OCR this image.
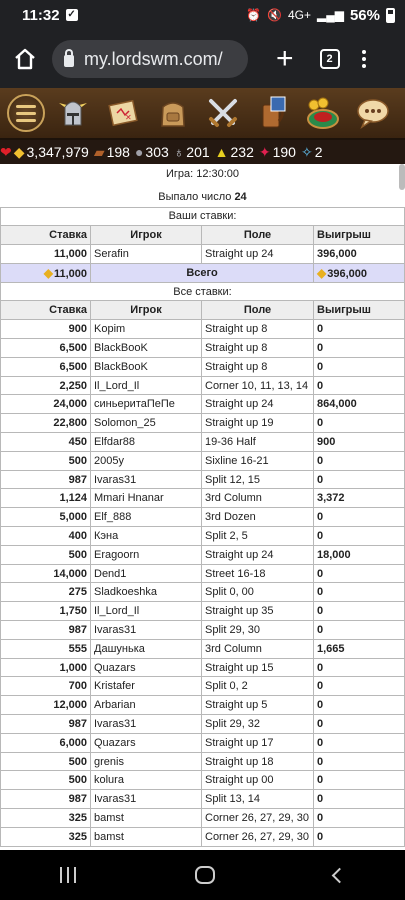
11:32 ✓	⏰ 🔇 4G+ ▂▄▆ 56%
my.lordswm.com/ +	2
✕
❤ ◆ 3,347,979 ▰ 198 ● 303 ♁ 201 ▲ 232 ✦ 190 ✧ 2
Игра: 12:30:00			
Выпало число 24			
Ваши ставки:			
Ставка	Игрок	Поле	Выигрыш
11,000	Serafin	Straight up 24	396,000
◆11,000	Всего		◆396,000
Все ставки:			
Ставка	Игрок	Поле	Выигрыш
900	Kopim	Straight up 8	0
6,500	BlackBooK	Straight up 8	0
6,500	BlackBooK	Straight up 8	0
2,250	Il_Lord_Il	Corner 10, 11, 13, 14	0
24,000	синьеритаПеПе	Straight up 24	864,000
22,800	Solomon_25	Straight up 19	0
450	Elfdar88	19-36 Half	900
500	2005y	Sixline 16-21	0
987	Ivaras31	Split 12, 15	0
1,124	Mmari Hnanar	3rd Column	3,372
5,000	Elf_888	3rd Dozen	0
400	Кэна	Split 2, 5	0
500	Eragoorn	Straight up 24	18,000
14,000	Dend1	Street 16-18	0
275	Sladkoeshka	Split 0, 00	0
1,750	Il_Lord_Il	Straight up 35	0
987	Ivaras31	Split 29, 30	0
555	Дашунька	3rd Column	1,665
1,000	Quazars	Straight up 15	0
700	Kristafer	Split 0, 2	0
12,000	Arbarian	Straight up 5	0
987	Ivaras31	Split 29, 32	0
6,000	Quazars	Straight up 17	0
500	grenis	Straight up 18	0
500	kolura	Straight up 00	0
987	Ivaras31	Split 13, 14	0
325	bamst	Corner 26, 27, 29, 30	0
325	bamst	Corner 26, 27, 29, 30	0
